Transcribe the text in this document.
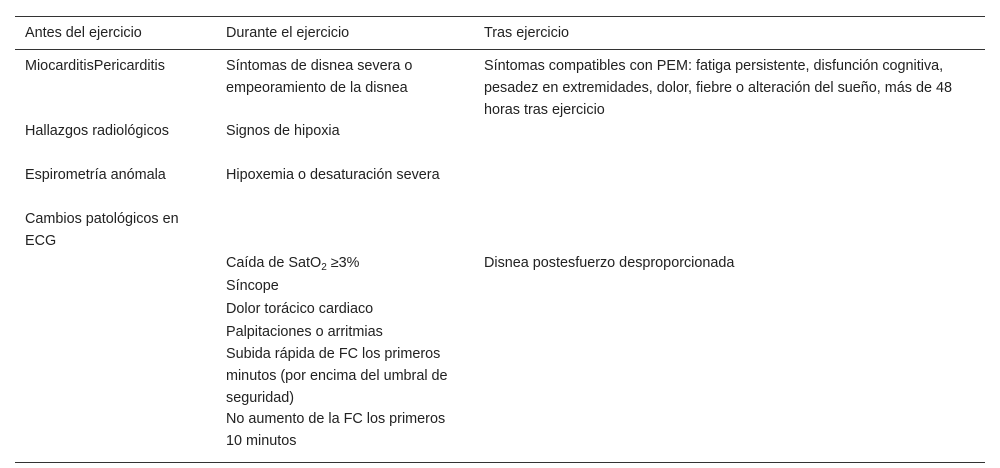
Antes del ejercicio	Durante el ejercicio	Tras ejercicio
MiocarditisPericarditis
Hallazgos radiológicos
Espirometría anómala
Cambios patológicos en ECG
Síntomas de disnea severa o empeoramiento de la disnea
Signos de hipoxia
Hipoxemia o desaturación severa
Caída de SatO$_2$ ≥3%
Síncope
Dolor torácico cardiaco
Palpitaciones o arritmias
Subida rápida de FC los primeros minutos (por encima del umbral de seguridad)
No aumento de la FC los primeros 10 minutos
Síntomas compatibles con PEM: fatiga persistente, disfunción cognitiva, pesadez en extremidades, dolor, fiebre o alteración del sueño, más de 48 horas tras ejercicio
Disnea postesfuerzo desproporcionada
